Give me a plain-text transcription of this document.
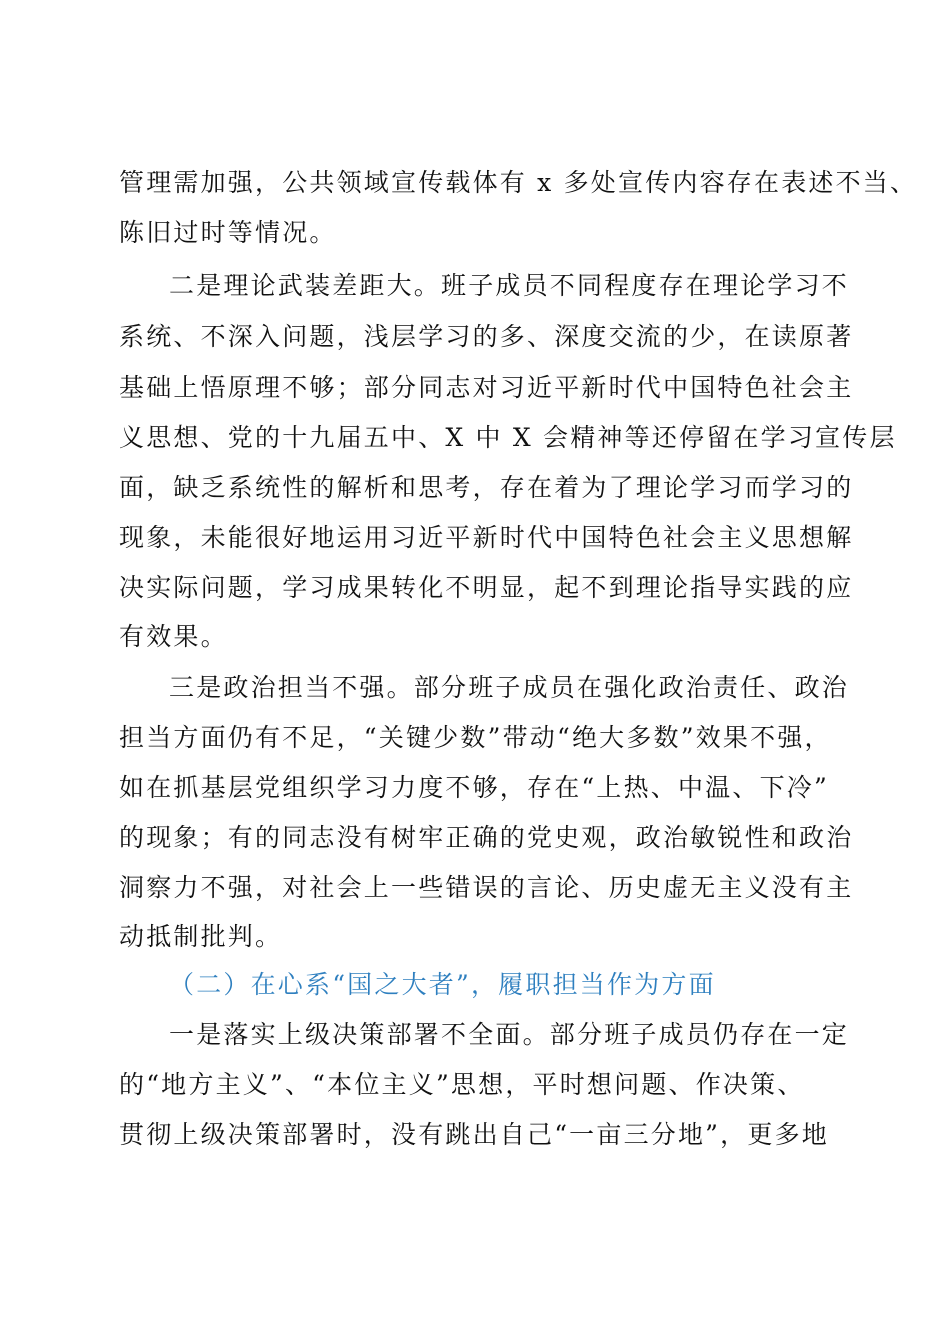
管理需加强，公共领域宣传载体有 x 多处宣传内容存在表述不当、
陈旧过时等情况。
二是理论武装差距大。班子成员不同程度存在理论学习不
系统、不深入问题，浅层学习的多、深度交流的少，在读原著
基础上悟原理不够；部分同志对习近平新时代中国特色社会主
义思想、党的十九届五中、X 中 X 会精神等还停留在学习宣传层
面，缺乏系统性的解析和思考，存在着为了理论学习而学习的
现象，未能很好地运用习近平新时代中国特色社会主义思想解
决实际问题，学习成果转化不明显，起不到理论指导实践的应
有效果。
三是政治担当不强。部分班子成员在强化政治责任、政治
担当方面仍有不足，“关键少数”带动“绝大多数”效果不强，
如在抓基层党组织学习力度不够，存在“上热、中温、下冷”
的现象；有的同志没有树牢正确的党史观，政治敏锐性和政治
洞察力不强，对社会上一些错误的言论、历史虚无主义没有主
动抵制批判。
（二）在心系“国之大者”，履职担当作为方面
一是落实上级决策部署不全面。部分班子成员仍存在一定
的“地方主义”、“本位主义”思想，平时想问题、作决策、
贯彻上级决策部署时，没有跳出自己“一亩三分地”，更多地
